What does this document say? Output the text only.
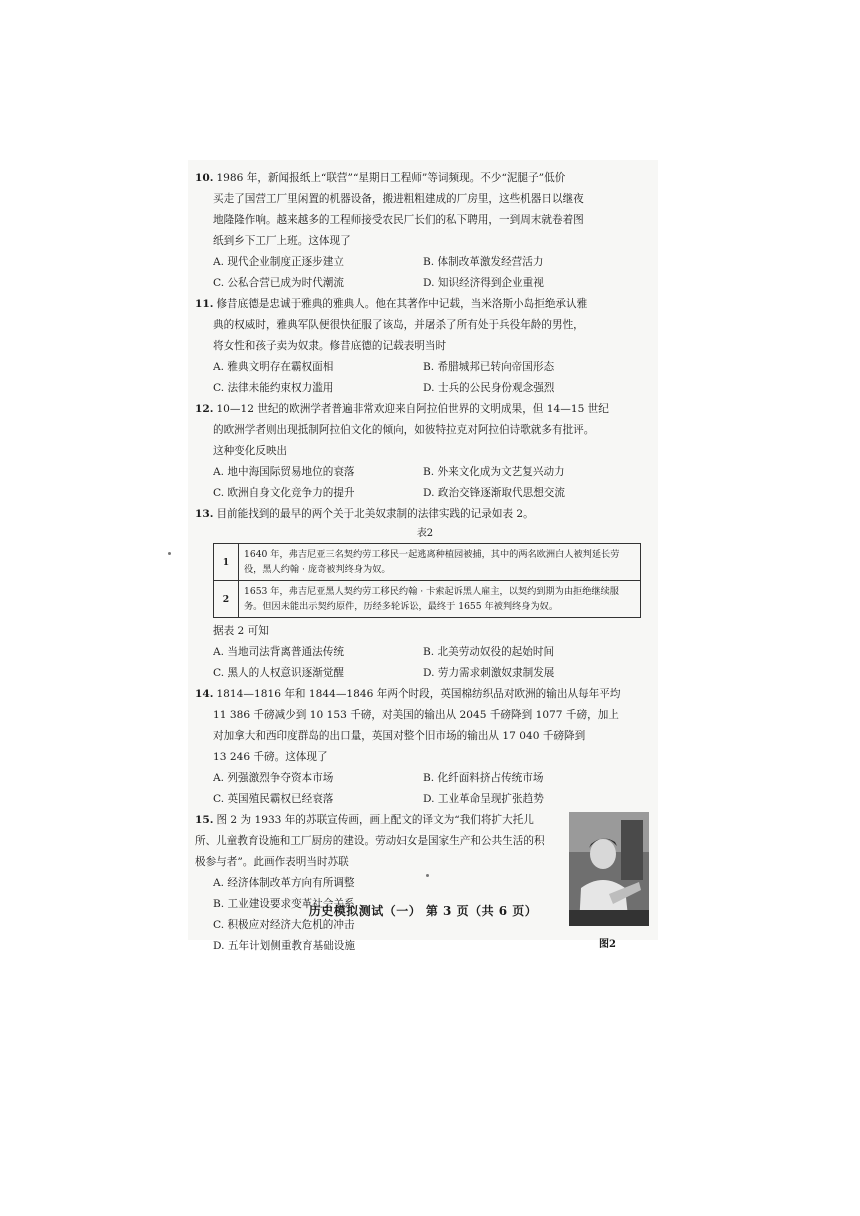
10. 1986 年，新闻报纸上“联营”“星期日工程师”等词频现。不少“泥腿子”低价
买走了国营工厂里闲置的机器设备，搬进粗粗建成的厂房里，这些机器日以继夜
地隆隆作响。越来越多的工程师接受农民厂长们的私下聘用，一到周末就卷着图
纸到乡下工厂上班。这体现了
A. 现代企业制度正逐步建立	B. 体制改革激发经营活力
C. 公私合营已成为时代潮流	D. 知识经济得到企业重视
11. 修昔底德是忠诚于雅典的雅典人。他在其著作中记载，当米洛斯小岛拒绝承认雅
典的权威时，雅典军队便很快征服了该岛，并屠杀了所有处于兵役年龄的男性，
将女性和孩子卖为奴隶。修昔底德的记载表明当时
A. 雅典文明存在霸权面相	B. 希腊城邦已转向帝国形态
C. 法律未能约束权力滥用	D. 士兵的公民身份观念强烈
12. 10—12 世纪的欧洲学者普遍非常欢迎来自阿拉伯世界的文明成果，但 14—15 世纪
的欧洲学者则出现抵制阿拉伯文化的倾向，如彼特拉克对阿拉伯诗歌就多有批评。
这种变化反映出
A. 地中海国际贸易地位的衰落	B. 外来文化成为文艺复兴动力
C. 欧洲自身文化竞争力的提升	D. 政治交锋逐渐取代思想交流
13. 目前能找到的最早的两个关于北美奴隶制的法律实践的记录如表 2。
表2
1	1640 年，弗吉尼亚三名契约劳工移民一起逃离种植园被捕，其中的两名欧洲白人被判延长劳役，黑人约翰 · 庞奇被判终身为奴。
2	1653 年，弗吉尼亚黑人契约劳工移民约翰 · 卡索起诉黑人雇主，以契约到期为由拒绝继续服务。但因未能出示契约原件，历经多轮诉讼，最终于 1655 年被判终身为奴。
据表 2 可知
A. 当地司法背离普通法传统	B. 北美劳动奴役的起始时间
C. 黑人的人权意识逐渐觉醒	D. 劳力需求刺激奴隶制发展
14. 1814—1816 年和 1844—1846 年两个时段，英国棉纺织品对欧洲的输出从每年平均
11 386 千磅减少到 10 153 千磅，对美国的输出从 2045 千磅降到 1077 千磅，加上
对加拿大和西印度群岛的出口量，英国对整个旧市场的输出从 17 040 千磅降到
13 246 千磅。这体现了
A. 列强激烈争夺资本市场	B. 化纤面料挤占传统市场
C. 英国殖民霸权已经衰落	D. 工业革命呈现扩张趋势
15. 图 2 为 1933 年的苏联宣传画，画上配文的译文为“我们将扩大托儿所、儿童教育设施和工厂厨房的建设。劳动妇女是国家生产和公共生活的积极参与者”。此画作表明当时苏联
A. 经济体制改革方向有所调整
B. 工业建设要求变革社会关系
C. 积极应对经济大危机的冲击
D. 五年计划侧重教育基础设施	图2
历史模拟测试（一） 第 3 页（共 6 页）
